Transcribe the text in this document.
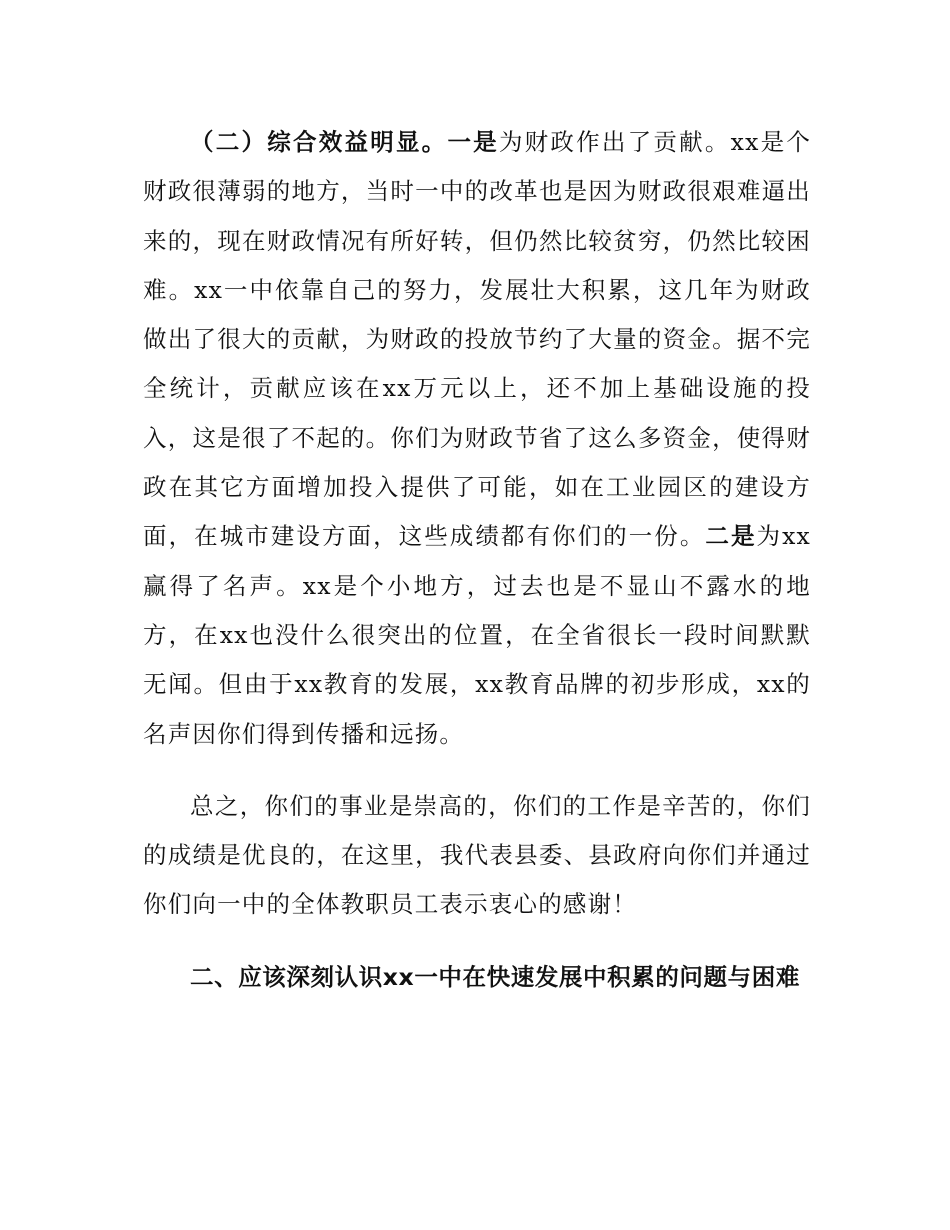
（二）综合效益明显。一是为财政作出了贡献。xx是个财政很薄弱的地方，当时一中的改革也是因为财政很艰难逼出来的，现在财政情况有所好转，但仍然比较贫穷，仍然比较困难。xx一中依靠自己的努力，发展壮大积累，这几年为财政做出了很大的贡献，为财政的投放节约了大量的资金。据不完全统计，贡献应该在xx万元以上，还不加上基础设施的投入，这是很了不起的。你们为财政节省了这么多资金，使得财政在其它方面增加投入提供了可能，如在工业园区的建设方面，在城市建设方面，这些成绩都有你们的一份。二是为xx赢得了名声。xx是个小地方，过去也是不显山不露水的地方，在xx也没什么很突出的位置，在全省很长一段时间默默无闻。但由于xx教育的发展，xx教育品牌的初步形成，xx的名声因你们得到传播和远扬。

总之，你们的事业是崇高的，你们的工作是辛苦的，你们的成绩是优良的，在这里，我代表县委、县政府向你们并通过你们向一中的全体教职员工表示衷心的感谢！

二、应该深刻认识xx一中在快速发展中积累的问题与困难
